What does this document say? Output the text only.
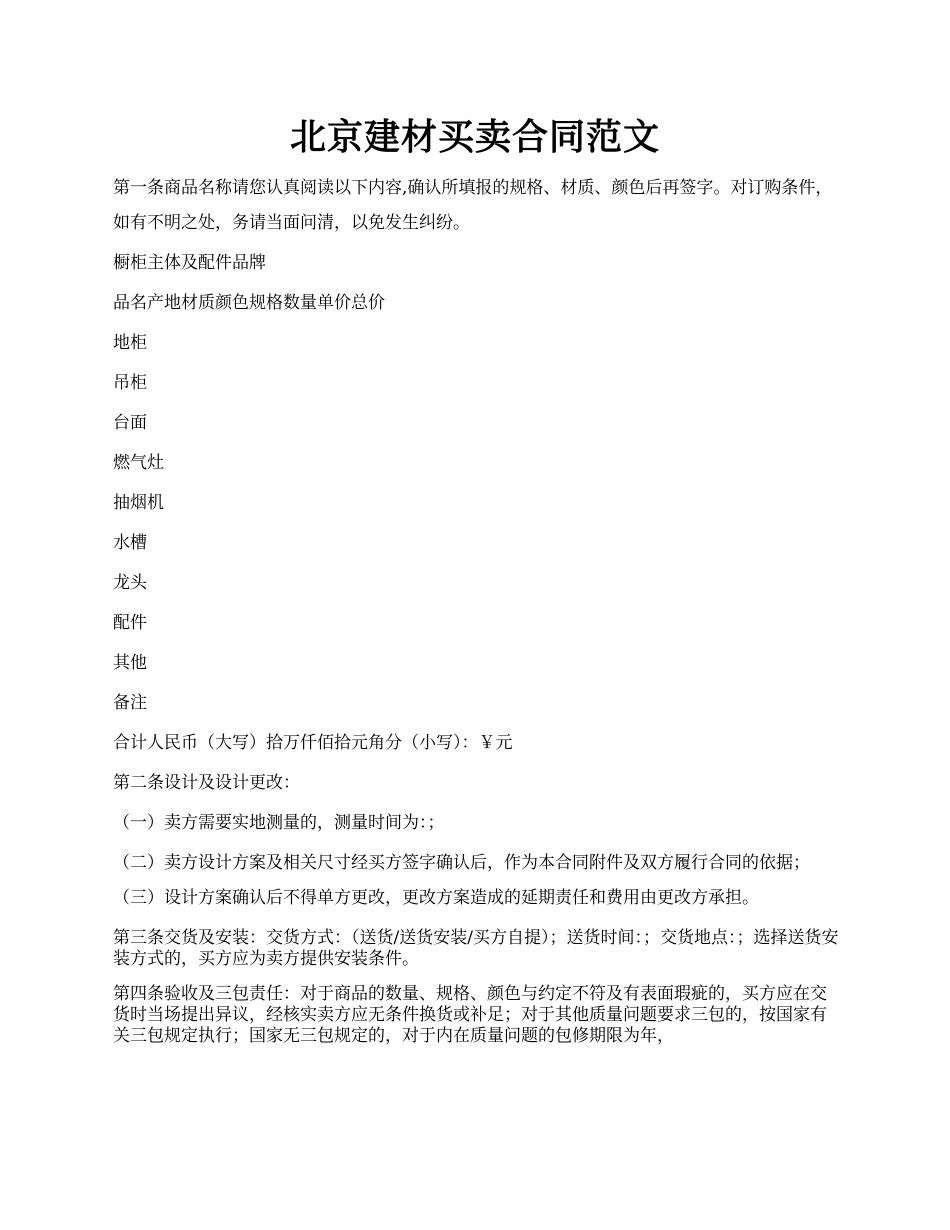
北京建材买卖合同范文

第一条商品名称请您认真阅读以下内容,确认所填报的规格、材质、颜色后再签字。对订购条件，

如有不明之处，务请当面问清，以免发生纠纷。

橱柜主体及配件品牌

品名产地材质颜色规格数量单价总价

地柜

吊柜

台面

燃气灶

抽烟机

水槽

龙头

配件

其他

备注

合计人民币（大写）拾万仟佰拾元角分（小写）：￥元

第二条设计及设计更改：

（一）卖方需要实地测量的，测量时间为：；

（二）卖方设计方案及相关尺寸经买方签字确认后，作为本合同附件及双方履行合同的依据；

（三）设计方案确认后不得单方更改，更改方案造成的延期责任和费用由更改方承担。

第三条交货及安装：交货方式：（送货/送货安装/买方自提）；送货时间：；交货地点：；选择送货安装方式的，买方应为卖方提供安装条件。

第四条验收及三包责任：对于商品的数量、规格、颜色与约定不符及有表面瑕疵的，买方应在交货时当场提出异议，经核实卖方应无条件换货或补足；对于其他质量问题要求三包的，按国家有关三包规定执行；国家无三包规定的，对于内在质量问题的包修期限为年，
